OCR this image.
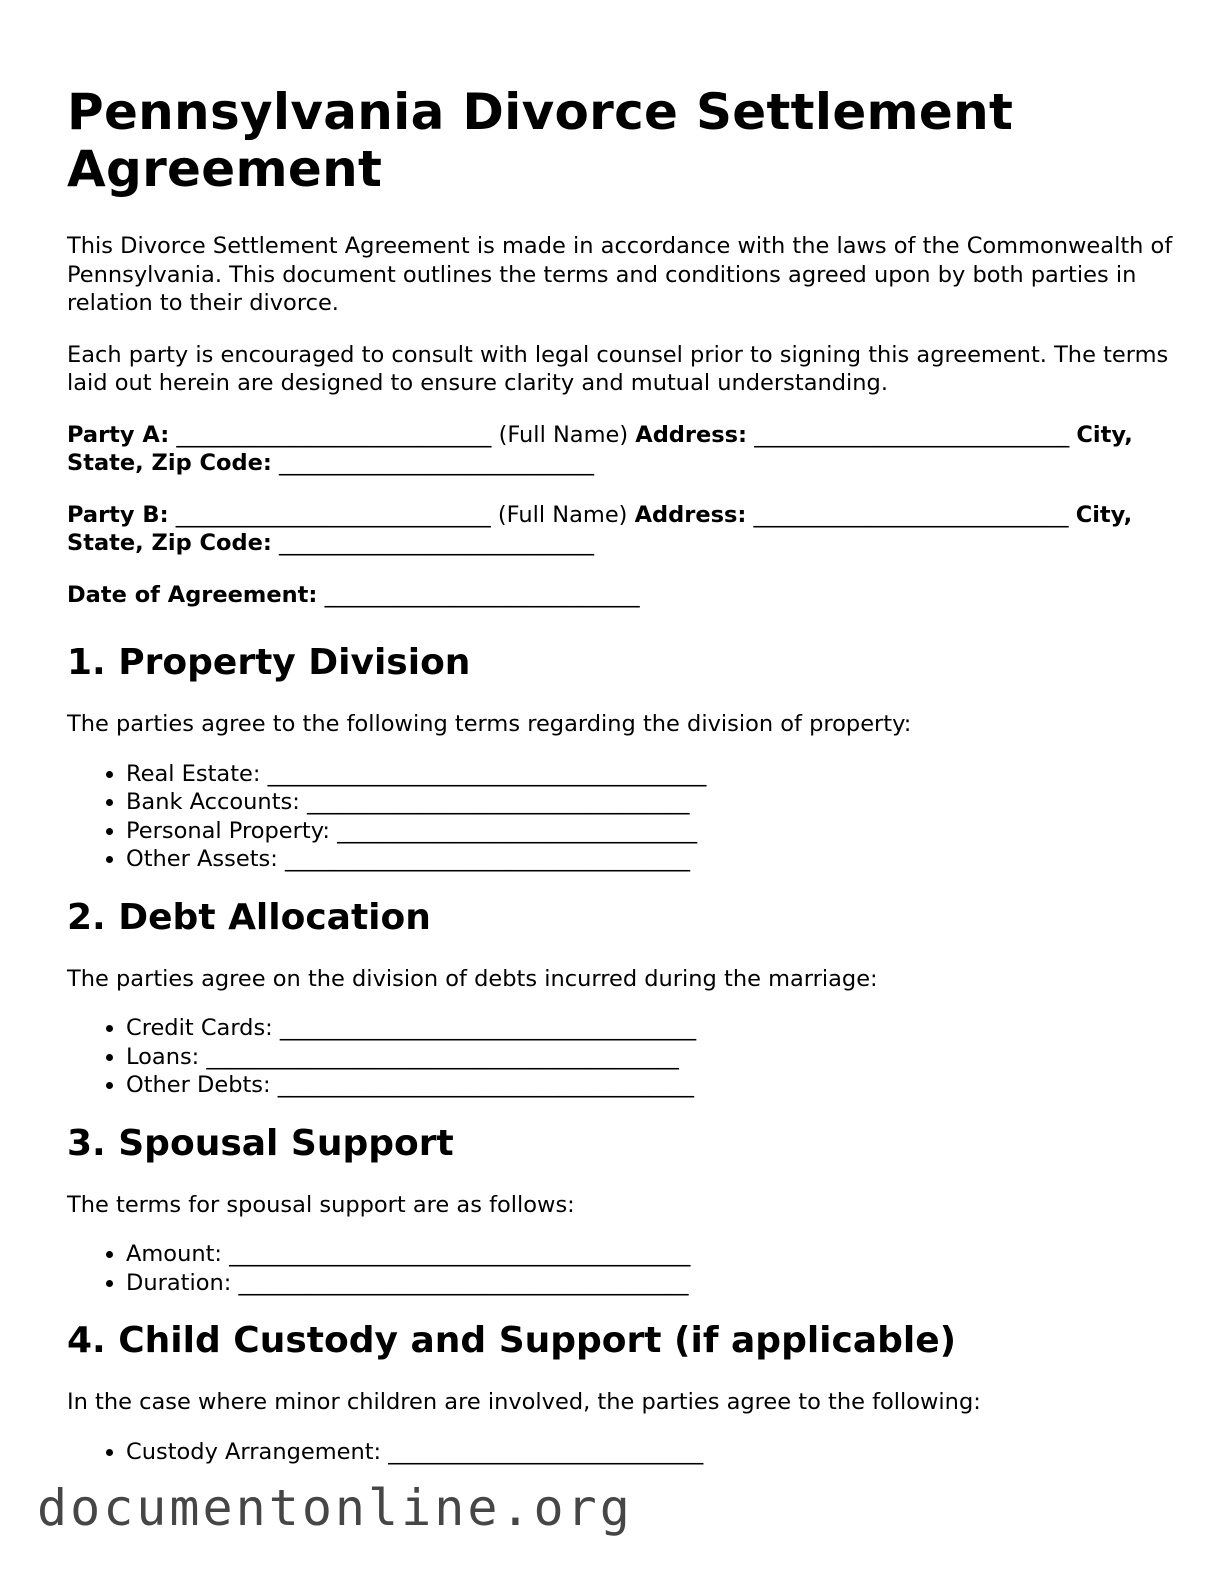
Pennsylvania Divorce Settlement Agreement

This Divorce Settlement Agreement is made in accordance with the laws of the Commonwealth of Pennsylvania. This document outlines the terms and conditions agreed upon by both parties in relation to their divorce.

Each party is encouraged to consult with legal counsel prior to signing this agreement. The terms laid out herein are designed to ensure clarity and mutual understanding.

Party A: ____________________________ (Full Name) Address: ____________________________ City, State, Zip Code: ____________________________

Party B: ____________________________ (Full Name) Address: ____________________________ City, State, Zip Code: ____________________________

Date of Agreement: ____________________________

1. Property Division

The parties agree to the following terms regarding the division of property:

• Real Estate: _______________________________________
• Bank Accounts: __________________________________
• Personal Property: ________________________________
• Other Assets: ____________________________________
2. Debt Allocation

The parties agree on the division of debts incurred during the marriage:

• Credit Cards: _____________________________________
• Loans: __________________________________________
• Other Debts: _____________________________________
3. Spousal Support

The terms for spousal support are as follows:

• Amount: _________________________________________
• Duration: ________________________________________
4. Child Custody and Support (if applicable)

In the case where minor children are involved, the parties agree to the following:

• Custody Arrangement: ____________________________
documentonline.org
